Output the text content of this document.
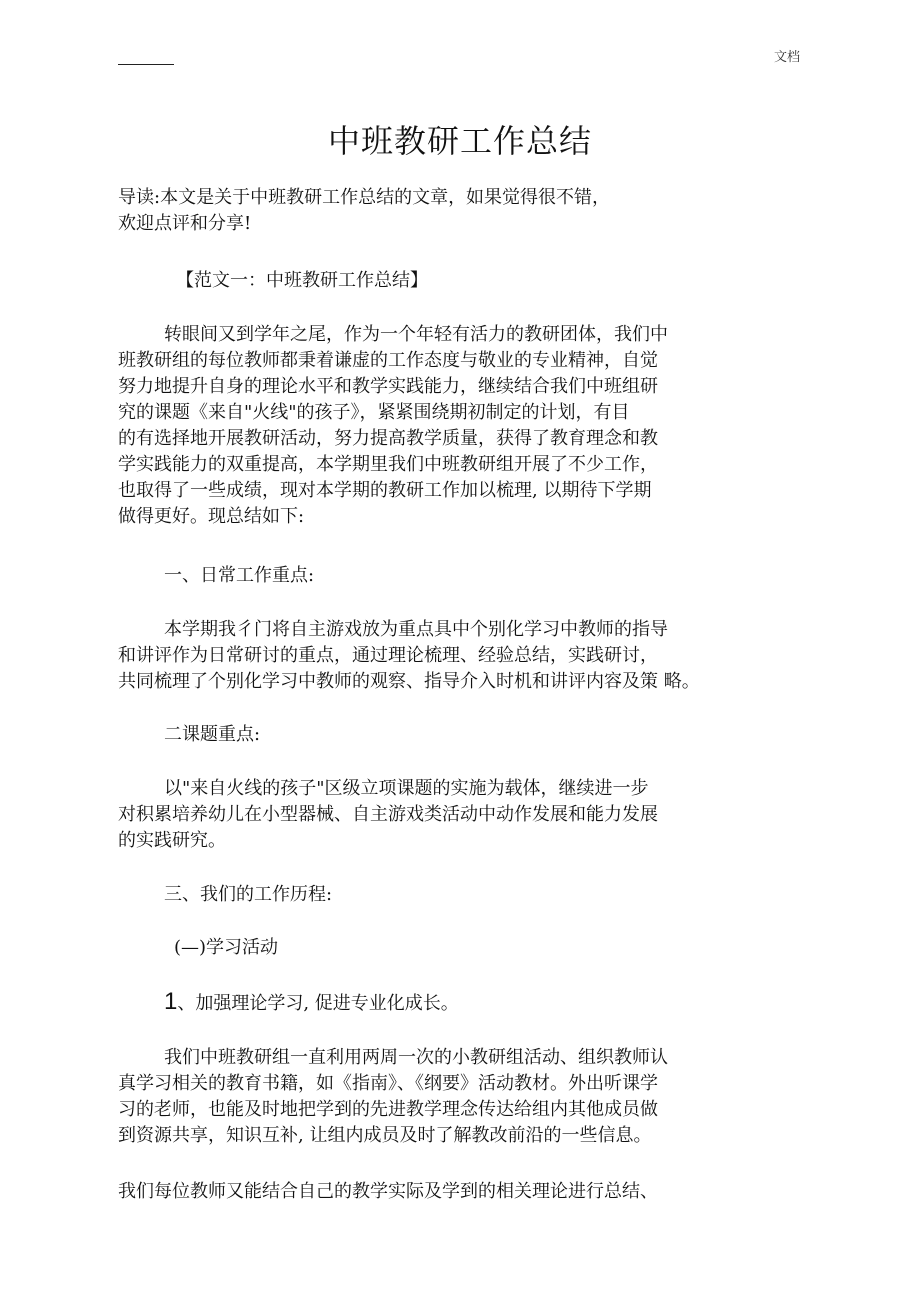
文档
中班教研工作总结
导读:本文是关于中班教研工作总结的文章，如果觉得很不错，
欢迎点评和分享!
【范文一：中班教研工作总结】
转眼间又到学年之尾，作为一个年轻有活力的教研团体，我们中
班教研组的每位教师都秉着谦虚的工作态度与敬业的专业精神，自觉
努力地提升自身的理论水平和教学实践能力，继续结合我们中班组研
究的课题《来自"火线"的孩子》，紧紧围绕期初制定的计划，有目
的有选择地开展教研活动，努力提高教学质量，获得了教育理念和教
学实践能力的双重提高，本学期里我们中班教研组开展了不少工作，
也取得了一些成绩，现对本学期的教研工作加以梳理, 以期待下学期
做得更好。现总结如下:
一、日常工作重点:
本学期我彳门将自主游戏放为重点具中个别化学习中教师的指导
和讲评作为日常研讨的重点，通过理论梳理、经验总结，实践研讨，
共同梳理了个别化学习中教师的观察、指导介入时机和讲评内容及策 略。
二课题重点:
以"来自火线的孩子"区级立项课题的实施为载体，继续进一步
对积累培养幼儿在小型器械、自主游戏类活动中动作发展和能力发展
的实践研究。
三、我们的工作历程:
(—)学习活动
1、加强理论学习, 促进专业化成长。
我们中班教研组一直利用两周一次的小教研组活动、组织教师认
真学习相关的教育书籍，如《指南》、《纲要》活动教材。外出听课学
习的老师，也能及时地把学到的先进教学理念传达给组内其他成员做
到资源共享，知识互补, 让组内成员及时了解教改前沿的一些信息。
我们每位教师又能结合自己的教学实际及学到的相关理论进行总结、
